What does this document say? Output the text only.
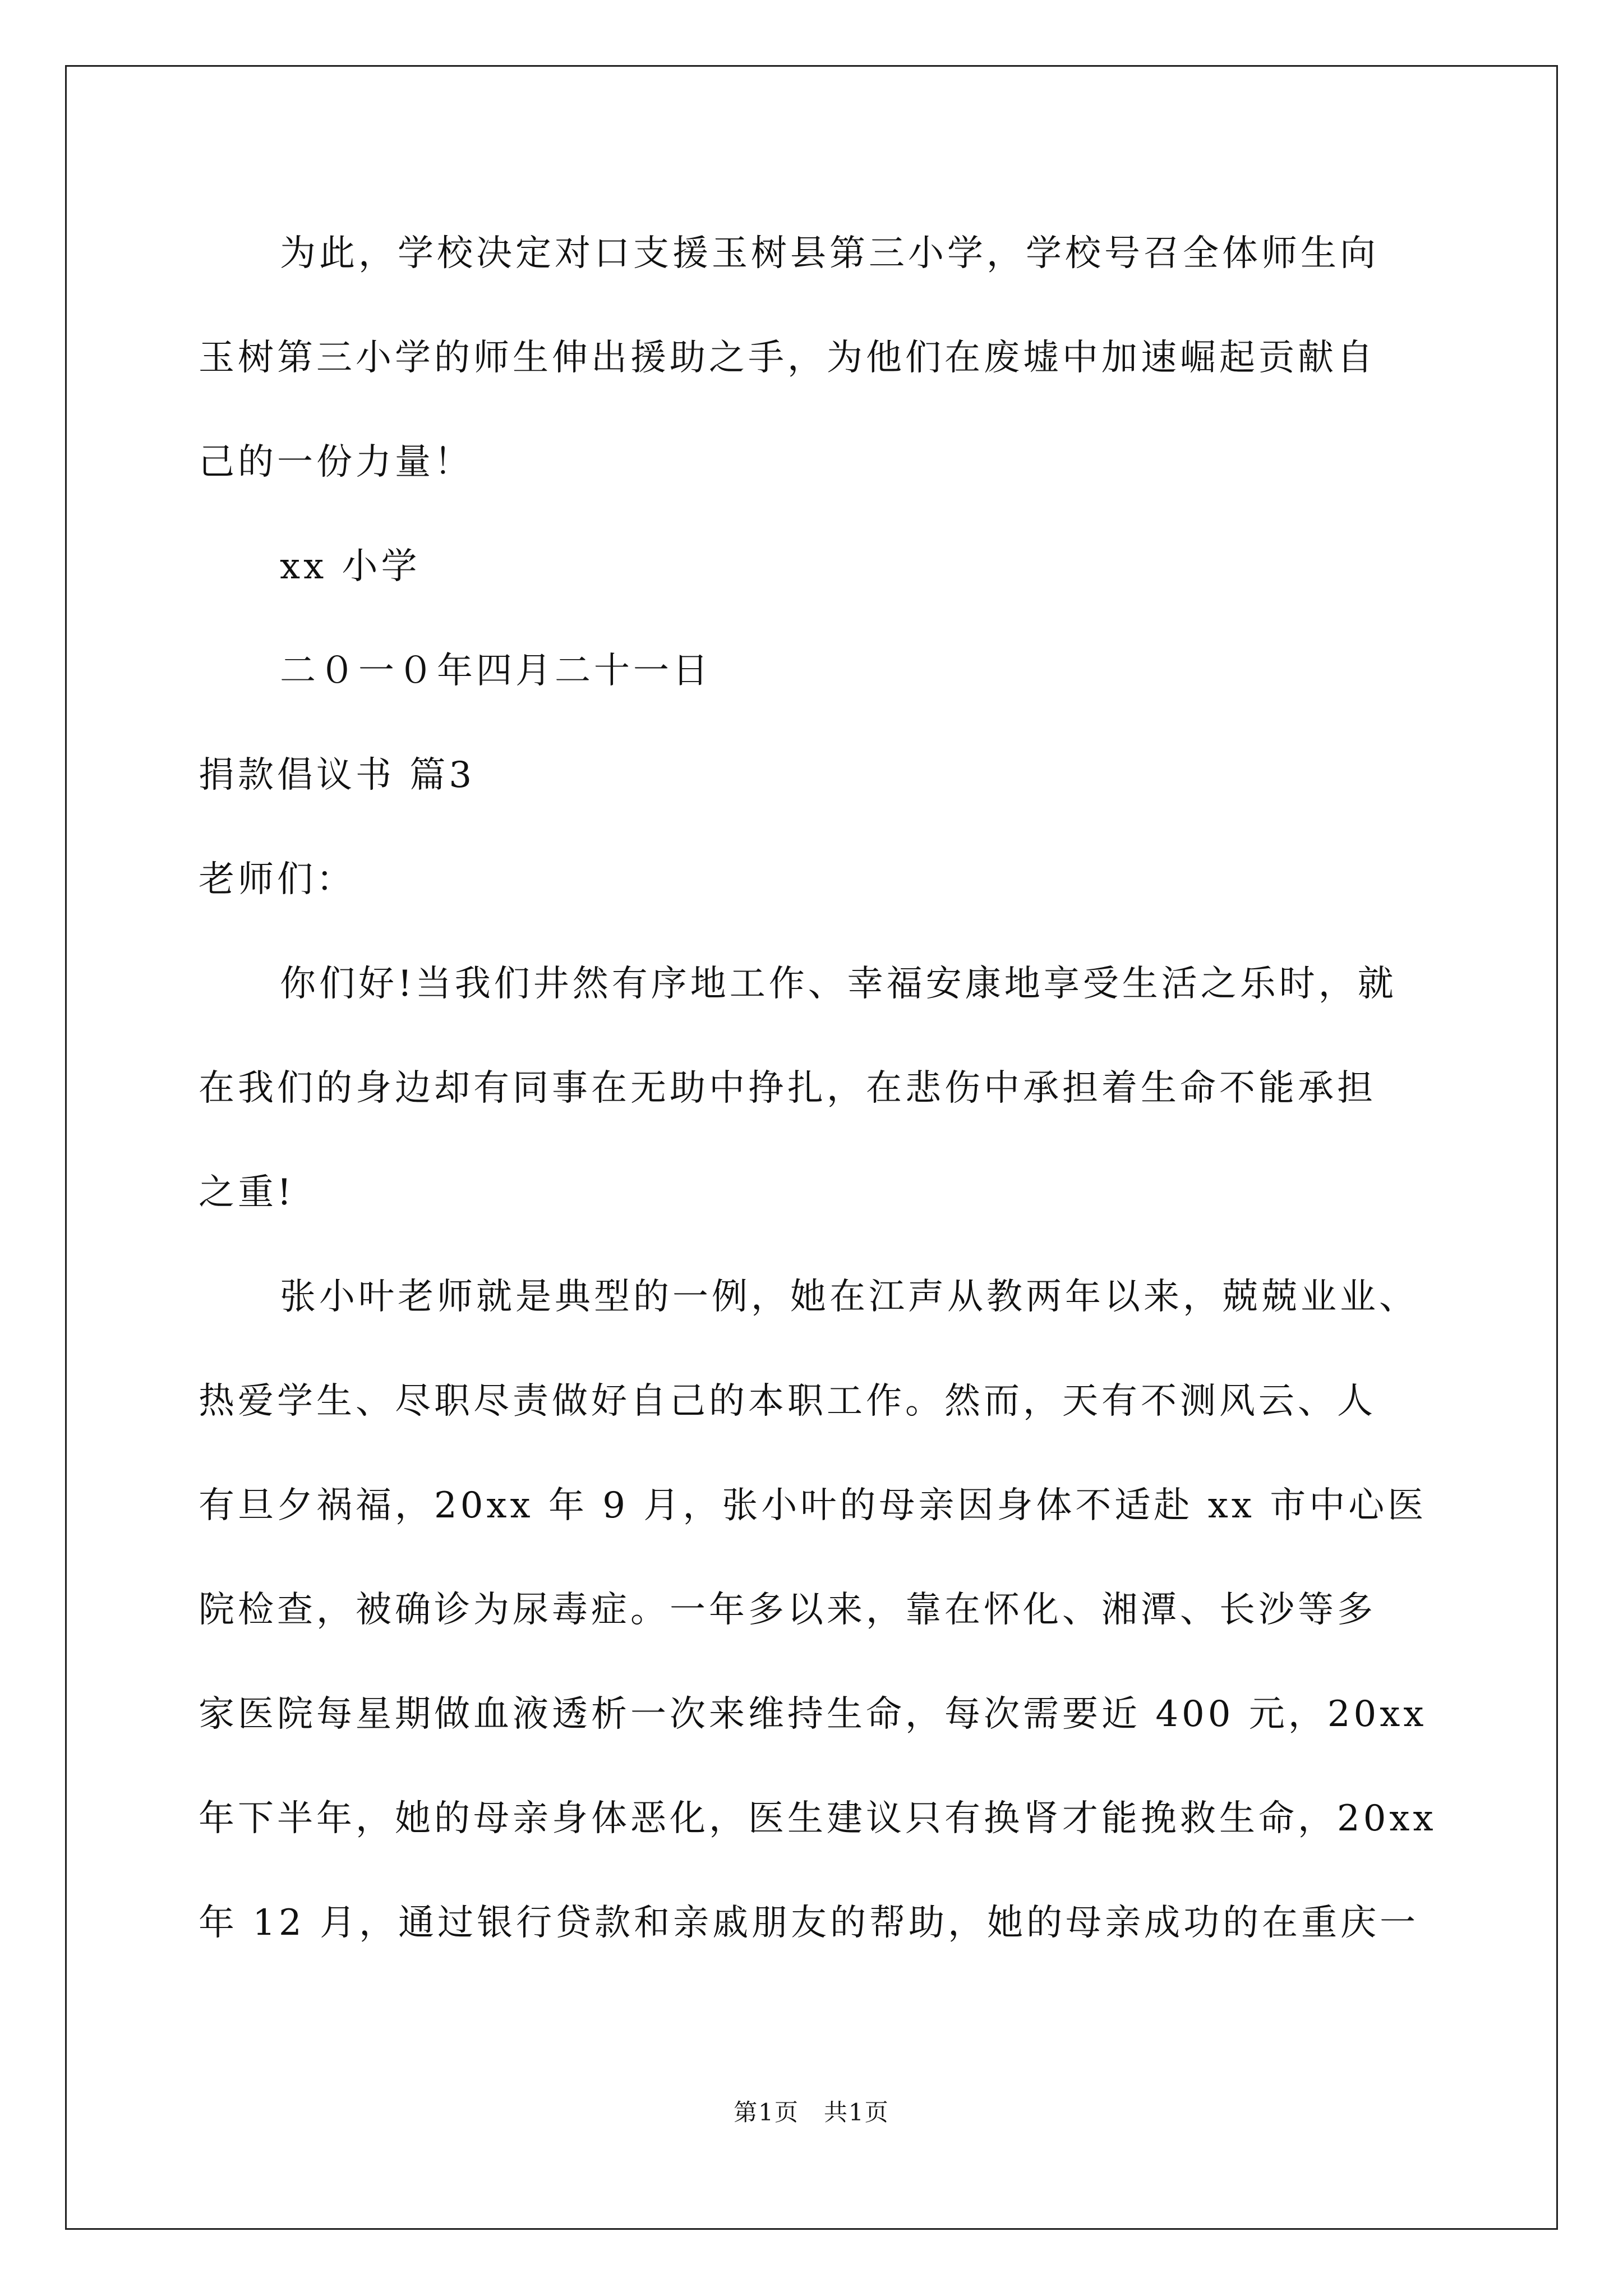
为此，学校决定对口支援玉树县第三小学，学校号召全体师生向
玉树第三小学的师生伸出援助之手，为他们在废墟中加速崛起贡献自
己的一份力量！
xx 小学
二０一０年四月二十一日
捐款倡议书 篇3
老师们：
你们好!当我们井然有序地工作、幸福安康地享受生活之乐时，就
在我们的身边却有同事在无助中挣扎，在悲伤中承担着生命不能承担
之重!
张小叶老师就是典型的一例，她在江声从教两年以来，兢兢业业、
热爱学生、尽职尽责做好自己的本职工作。然而，天有不测风云、人
有旦夕祸福，20xx 年 9 月，张小叶的母亲因身体不适赴 xx 市中心医
院检查，被确诊为尿毒症。一年多以来，靠在怀化、湘潭、长沙等多
家医院每星期做血液透析一次来维持生命，每次需要近 400 元，20xx
年下半年，她的母亲身体恶化，医生建议只有换肾才能挽救生命，20xx
年 12 月，通过银行贷款和亲戚朋友的帮助，她的母亲成功的在重庆一
第1页　共1页
